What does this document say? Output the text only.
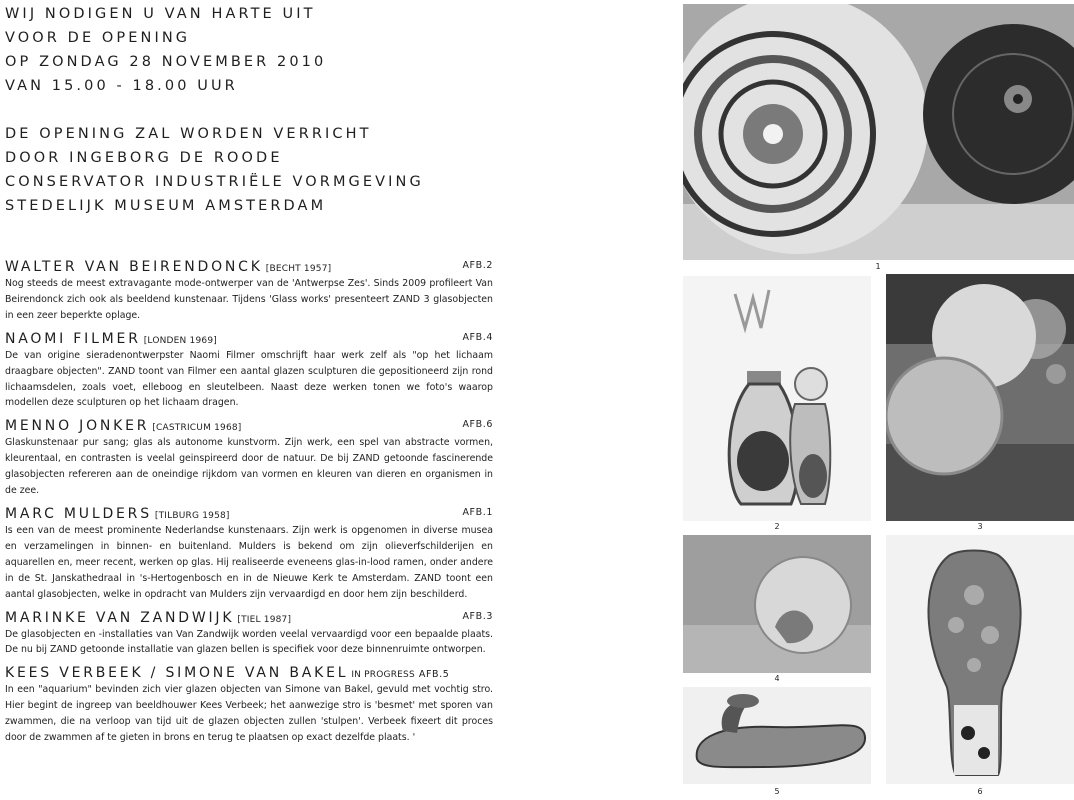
WIJ NODIGEN U VAN HARTE UIT
VOOR DE OPENING
OP ZONDAG 28 NOVEMBER 2010
VAN 15.00 - 18.00 UUR
DE OPENING ZAL WORDEN VERRICHT
DOOR INGEBORG DE ROODE
CONSERVATOR INDUSTRIËLE VORMGEVING
STEDELIJK MUSEUM AMSTERDAM
WALTER VAN BEIRENDONCK [BECHT 1957]	AFB.2
Nog steeds de meest extravagante mode-ontwerper van de 'Antwerpse Zes'. Sinds 2009 profileert Van Beirendonck zich ook als beeldend kunstenaar. Tijdens 'Glass works' presenteert ZAND 3 glasobjecten in een zeer beperkte oplage.
NAOMI FILMER [LONDEN 1969]	AFB.4
De van origine sieradenontwerpster Naomi Filmer omschrijft haar werk zelf als "op het lichaam draagbare objecten". ZAND toont van Filmer een aantal glazen sculpturen die gepositioneerd zijn rond lichaamsdelen, zoals voet, elleboog en sleutelbeen. Naast deze werken tonen we foto's waarop modellen deze sculpturen op het lichaam dragen.
MENNO JONKER [CASTRICUM 1968]	AFB.6
Glaskunstenaar pur sang; glas als autonome kunstvorm. Zijn werk, een spel van abstracte vormen, kleurentaal, en contrasten is veelal geinspireerd door de natuur. De bij ZAND getoonde fascinerende glasobjecten refereren aan de oneindige rijkdom van vormen en kleuren van dieren en organismen in de zee.
MARC MULDERS [TILBURG 1958]	AFB.1
Is een van de meest prominente Nederlandse kunstenaars. Zijn werk is opgenomen in diverse musea en verzamelingen in binnen- en buitenland. Mulders is bekend om zijn olieverfschilderijen en aquarellen en, meer recent, werken op glas. Hij realiseerde eveneens glas-in-lood ramen, onder andere in de St. Janskathedraal in 's-Hertogenbosch en in de Nieuwe Kerk te Amsterdam. ZAND toont een aantal glasobjecten, welke in opdracht van Mulders zijn vervaardigd en door hem zijn beschilderd.
MARINKE VAN ZANDWIJK [TIEL 1987]	AFB.3
De glasobjecten en -installaties van Van Zandwijk worden veelal vervaardigd voor een bepaalde plaats. De nu bij ZAND getoonde installatie van glazen bellen is specifiek voor deze binnenruimte ontworpen.
KEES VERBEEK / SIMONE VAN BAKEL IN PROGRESS AFB.5
In een "aquarium" bevinden zich vier glazen objecten van Simone van Bakel, gevuld met vochtig stro. Hier begint de ingreep van beeldhouwer Kees Verbeek; het aanwezige stro is 'besmet' met sporen van zwammen, die na verloop van tijd uit de glazen objecten zullen 'stulpen'. Verbeek fixeert dit proces door de zwammen af te gieten in brons en terug te plaatsen op exact dezelfde plaats. '
1
2	3
4
5	6
